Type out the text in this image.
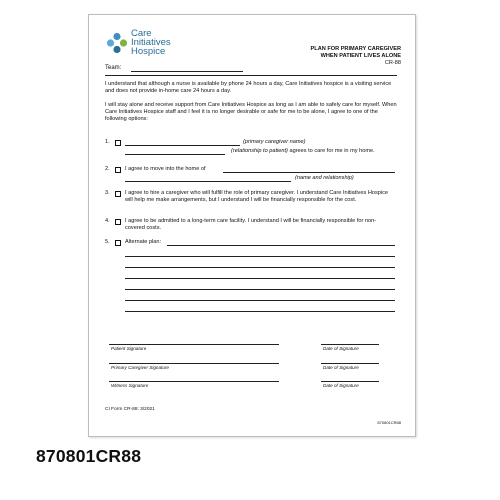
Care
Initiatives
Hospice
Team:
PLAN FOR PRIMARY CAREGIVER
WHEN PATIENT LIVES ALONE
CR-88
I understand that although a nurse is available by phone 24 hours a day, Care Initiatives hospice is a visiting service and does not provide in-home care 24 hours a day.
I will stay alone and receive support from Care Initiatives Hospice as long as I am able to safely care for myself. When Care Initiatives Hospice staff and I feel it is no longer desirable or safe for me to be alone, I agree to one of the following options:
1.	(primary caregiver name)
(relationship to patient) agrees to care for me in my home.
2.	I agree to move into the home of
(name and relationship)
3.	I agree to hire a caregiver who will fulfill the role of primary caregiver. I understand Care Initiatives Hospice will help me make arrangements, but I understand I will be financially responsible for the cost.
4.	I agree to be admitted to a long-term care facility. I understand I will be financially responsible for non-covered costs.
5.	Alternate plan:
Patient Signature	Date of Signature
Primary Caregiver Signature	Date of Signature
Witness Signature	Date of Signature
CI Form CR-88: 3/2021
870801CR88
870801CR88
